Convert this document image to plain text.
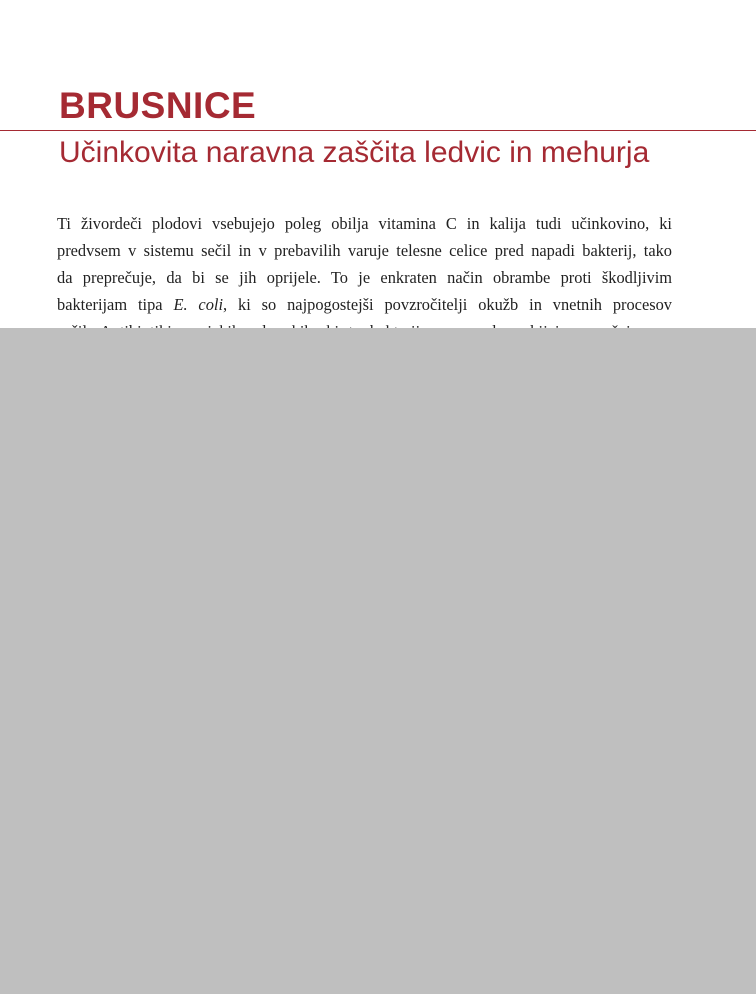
BRUSNICE
Učinkovita naravna zaščita ledvic in mehurja
Ti živordeči plodovi vsebujejo poleg obilja vitamina C in kalija tudi učinkovino, ki
predvsem v sistemu sečil in v prebavilih varuje telesne celice pred napadi bakterij, tako
da preprečuje, da bi se jih oprijele. To je enkraten način obrambe proti škodljivim
bakterijam tipa E. coli, ki so najpogostejši povzročitelji okužb in vnetnih procesov
